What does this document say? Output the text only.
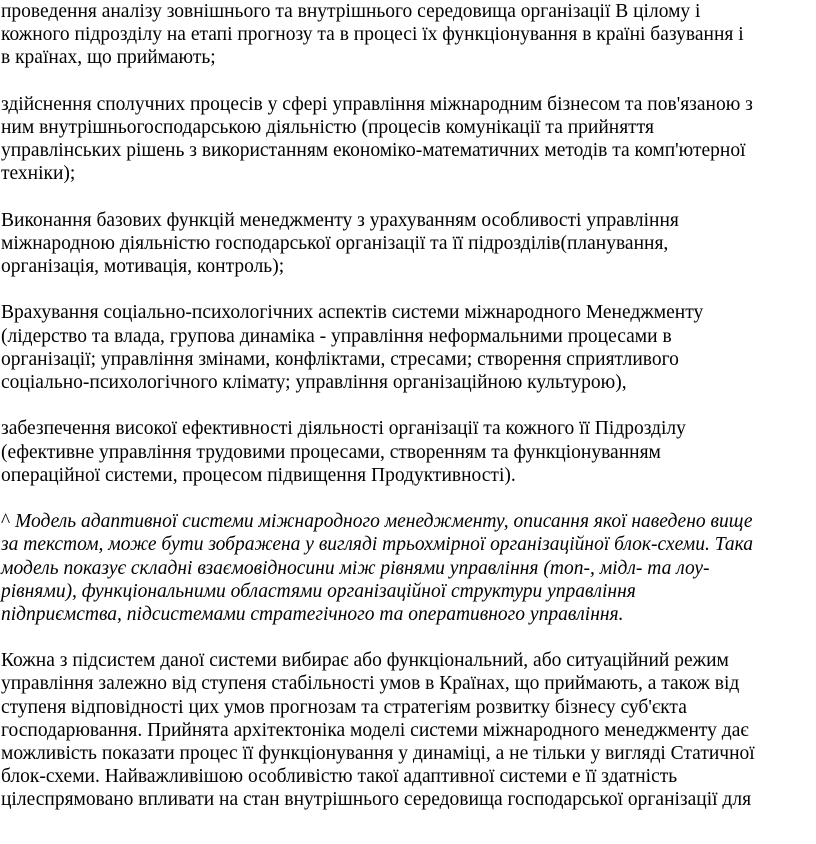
проведення аналізу зовнішнього та внутрішнього середовища організації В цілому і
кожного підрозділу на етапі прогнозу та в процесі їх функціонування в країні базування і
в країнах, що приймають;

здійснення сполучних процесів у сфері управління міжнародним бізнесом та пов'язаною з
ним внутрішньогосподарською діяльністю (процесів комунікації та прийняття
управлінських рішень з використанням економіко-математичних методів та комп'ютерної
техніки);

Виконання базових функцій менеджменту з урахуванням особливості управління
міжнародною діяльністю господарської організації та її підрозділів(планування,
організація, мотивація, контроль);

Врахування соціально-психологічних аспектів системи міжнародного Менеджменту
(лідерство та влада, групова динаміка - управління неформальними процесами в
організації; управління змінами, конфліктами, стресами; створення сприятливого
соціально-психологічного клімату; управління організаційною культурою),

забезпечення високої ефективності діяльності організації та кожного її Підрозділу
(ефективне управління трудовими процесами, створенням та функціонуванням
операційної системи, процесом підвищення Продуктивності).

^ Модель адаптивної системи міжнародного менеджменту, описання якої наведено вище
за текстом, може бути зображена у вигляді трьохмірної організаційної блок-схеми. Така
модель показує складні взаємовідносини між рівнями управління (топ-, мідл- та лоу-
рівнями), функціональними областями організаційної структури управління
підприємства, підсистемами стратегічного та оперативного управління.

Кожна з підсистем даної системи вибирає або функціональний, або ситуаційний режим
управління залежно від ступеня стабільності умов в Країнах, що приймають, а також від
ступеня відповідності цих умов прогнозам та стратегіям розвитку бізнесу суб'єкта
господарювання. Прийнята архітектоніка моделі системи міжнародного менеджменту дає
можливість показати процес її функціонування у динаміці, а не тільки у вигляді Статичної
блок-схеми. Найважливішою особливістю такої адаптивної системи е її здатність
цілеспрямовано впливати на стан внутрішнього середовища господарської організації для
